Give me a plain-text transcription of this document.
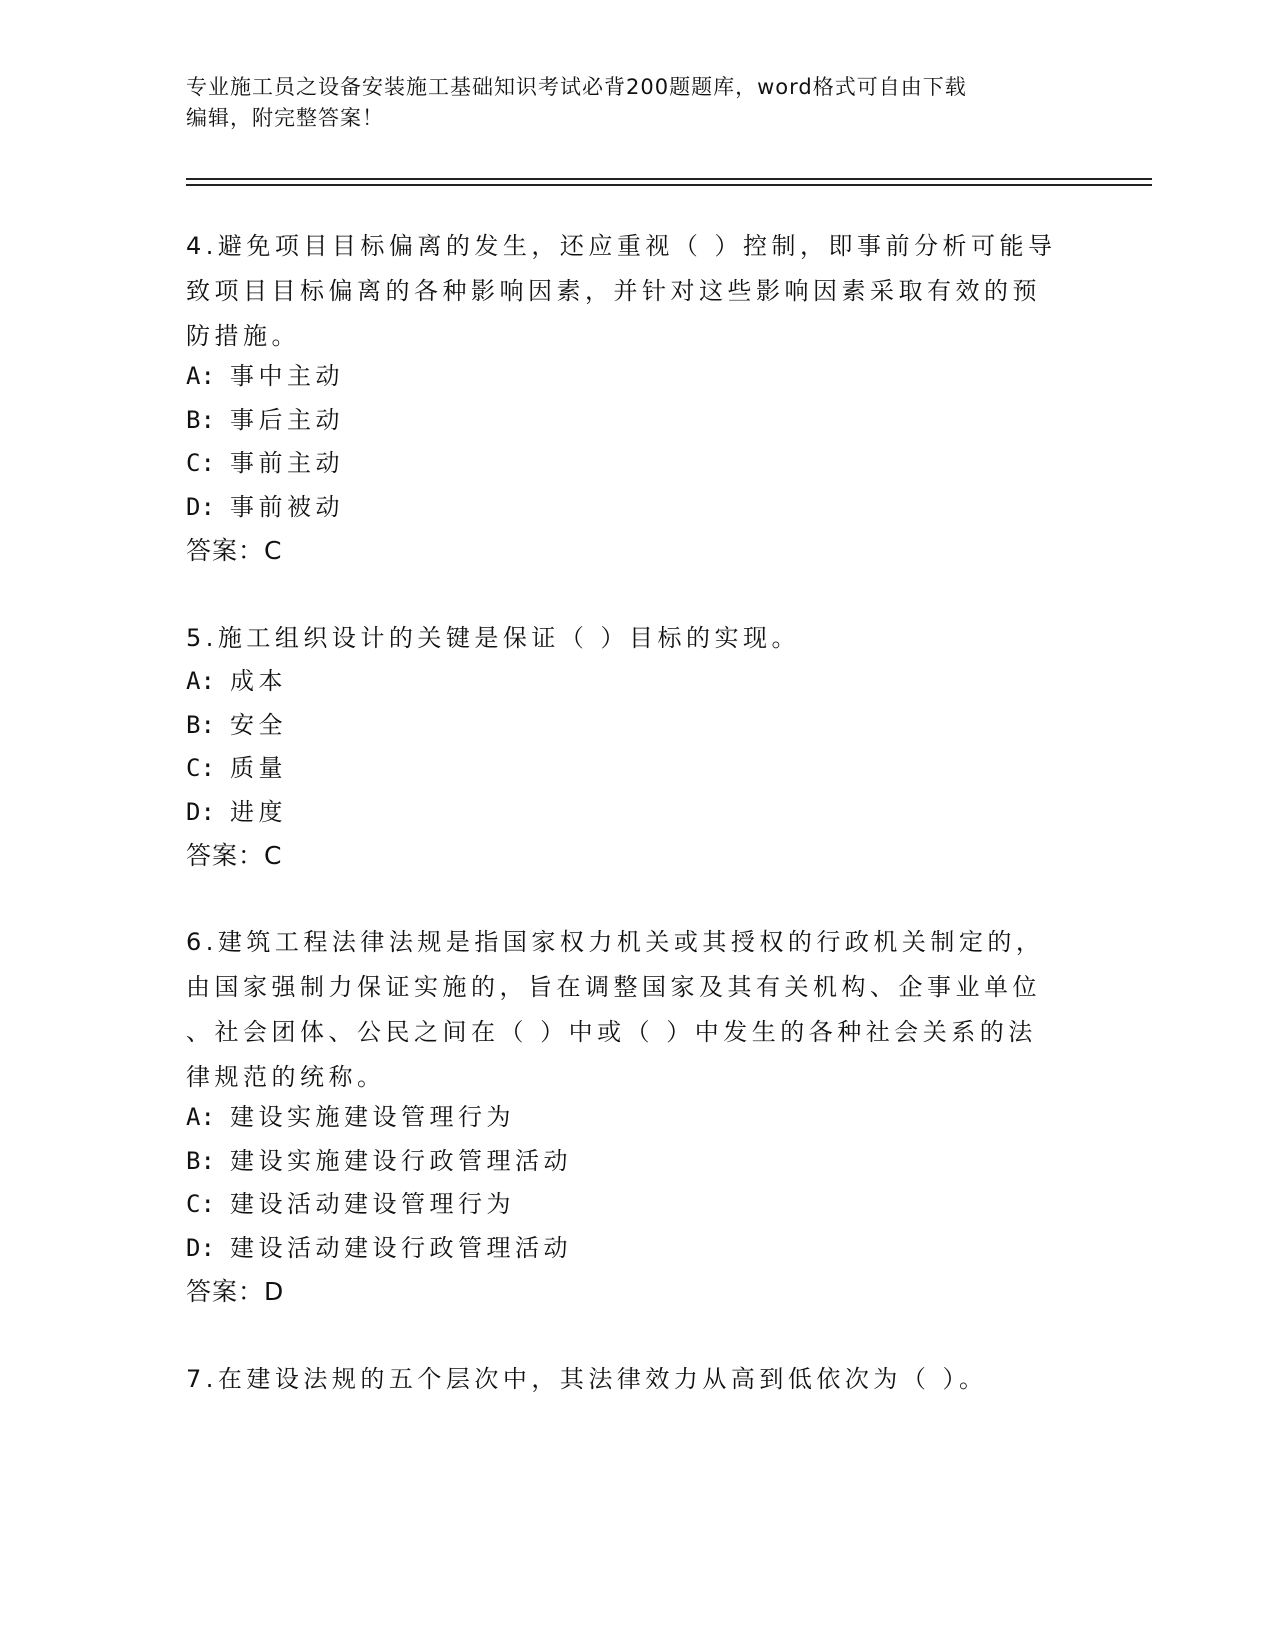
专业施工员之设备安装施工基础知识考试必背200题题库，word格式可自由下载
编辑，附完整答案！
4.避免项目目标偏离的发生，还应重视（ ）控制，即事前分析可能导
致项目目标偏离的各种影响因素，并针对这些影响因素采取有效的预
防措施。
A: 事中主动
B: 事后主动
C: 事前主动
D: 事前被动
答案：C
5.施工组织设计的关键是保证（ ）目标的实现。
A: 成本
B: 安全
C: 质量
D: 进度
答案：C
6.建筑工程法律法规是指国家权力机关或其授权的行政机关制定的，
由国家强制力保证实施的，旨在调整国家及其有关机构、企事业单位
、社会团体、公民之间在（ ）中或（ ）中发生的各种社会关系的法
律规范的统称。
A: 建设实施建设管理行为
B: 建设实施建设行政管理活动
C: 建设活动建设管理行为
D: 建设活动建设行政管理活动
答案：D
7.在建设法规的五个层次中，其法律效力从高到低依次为（ ）。
